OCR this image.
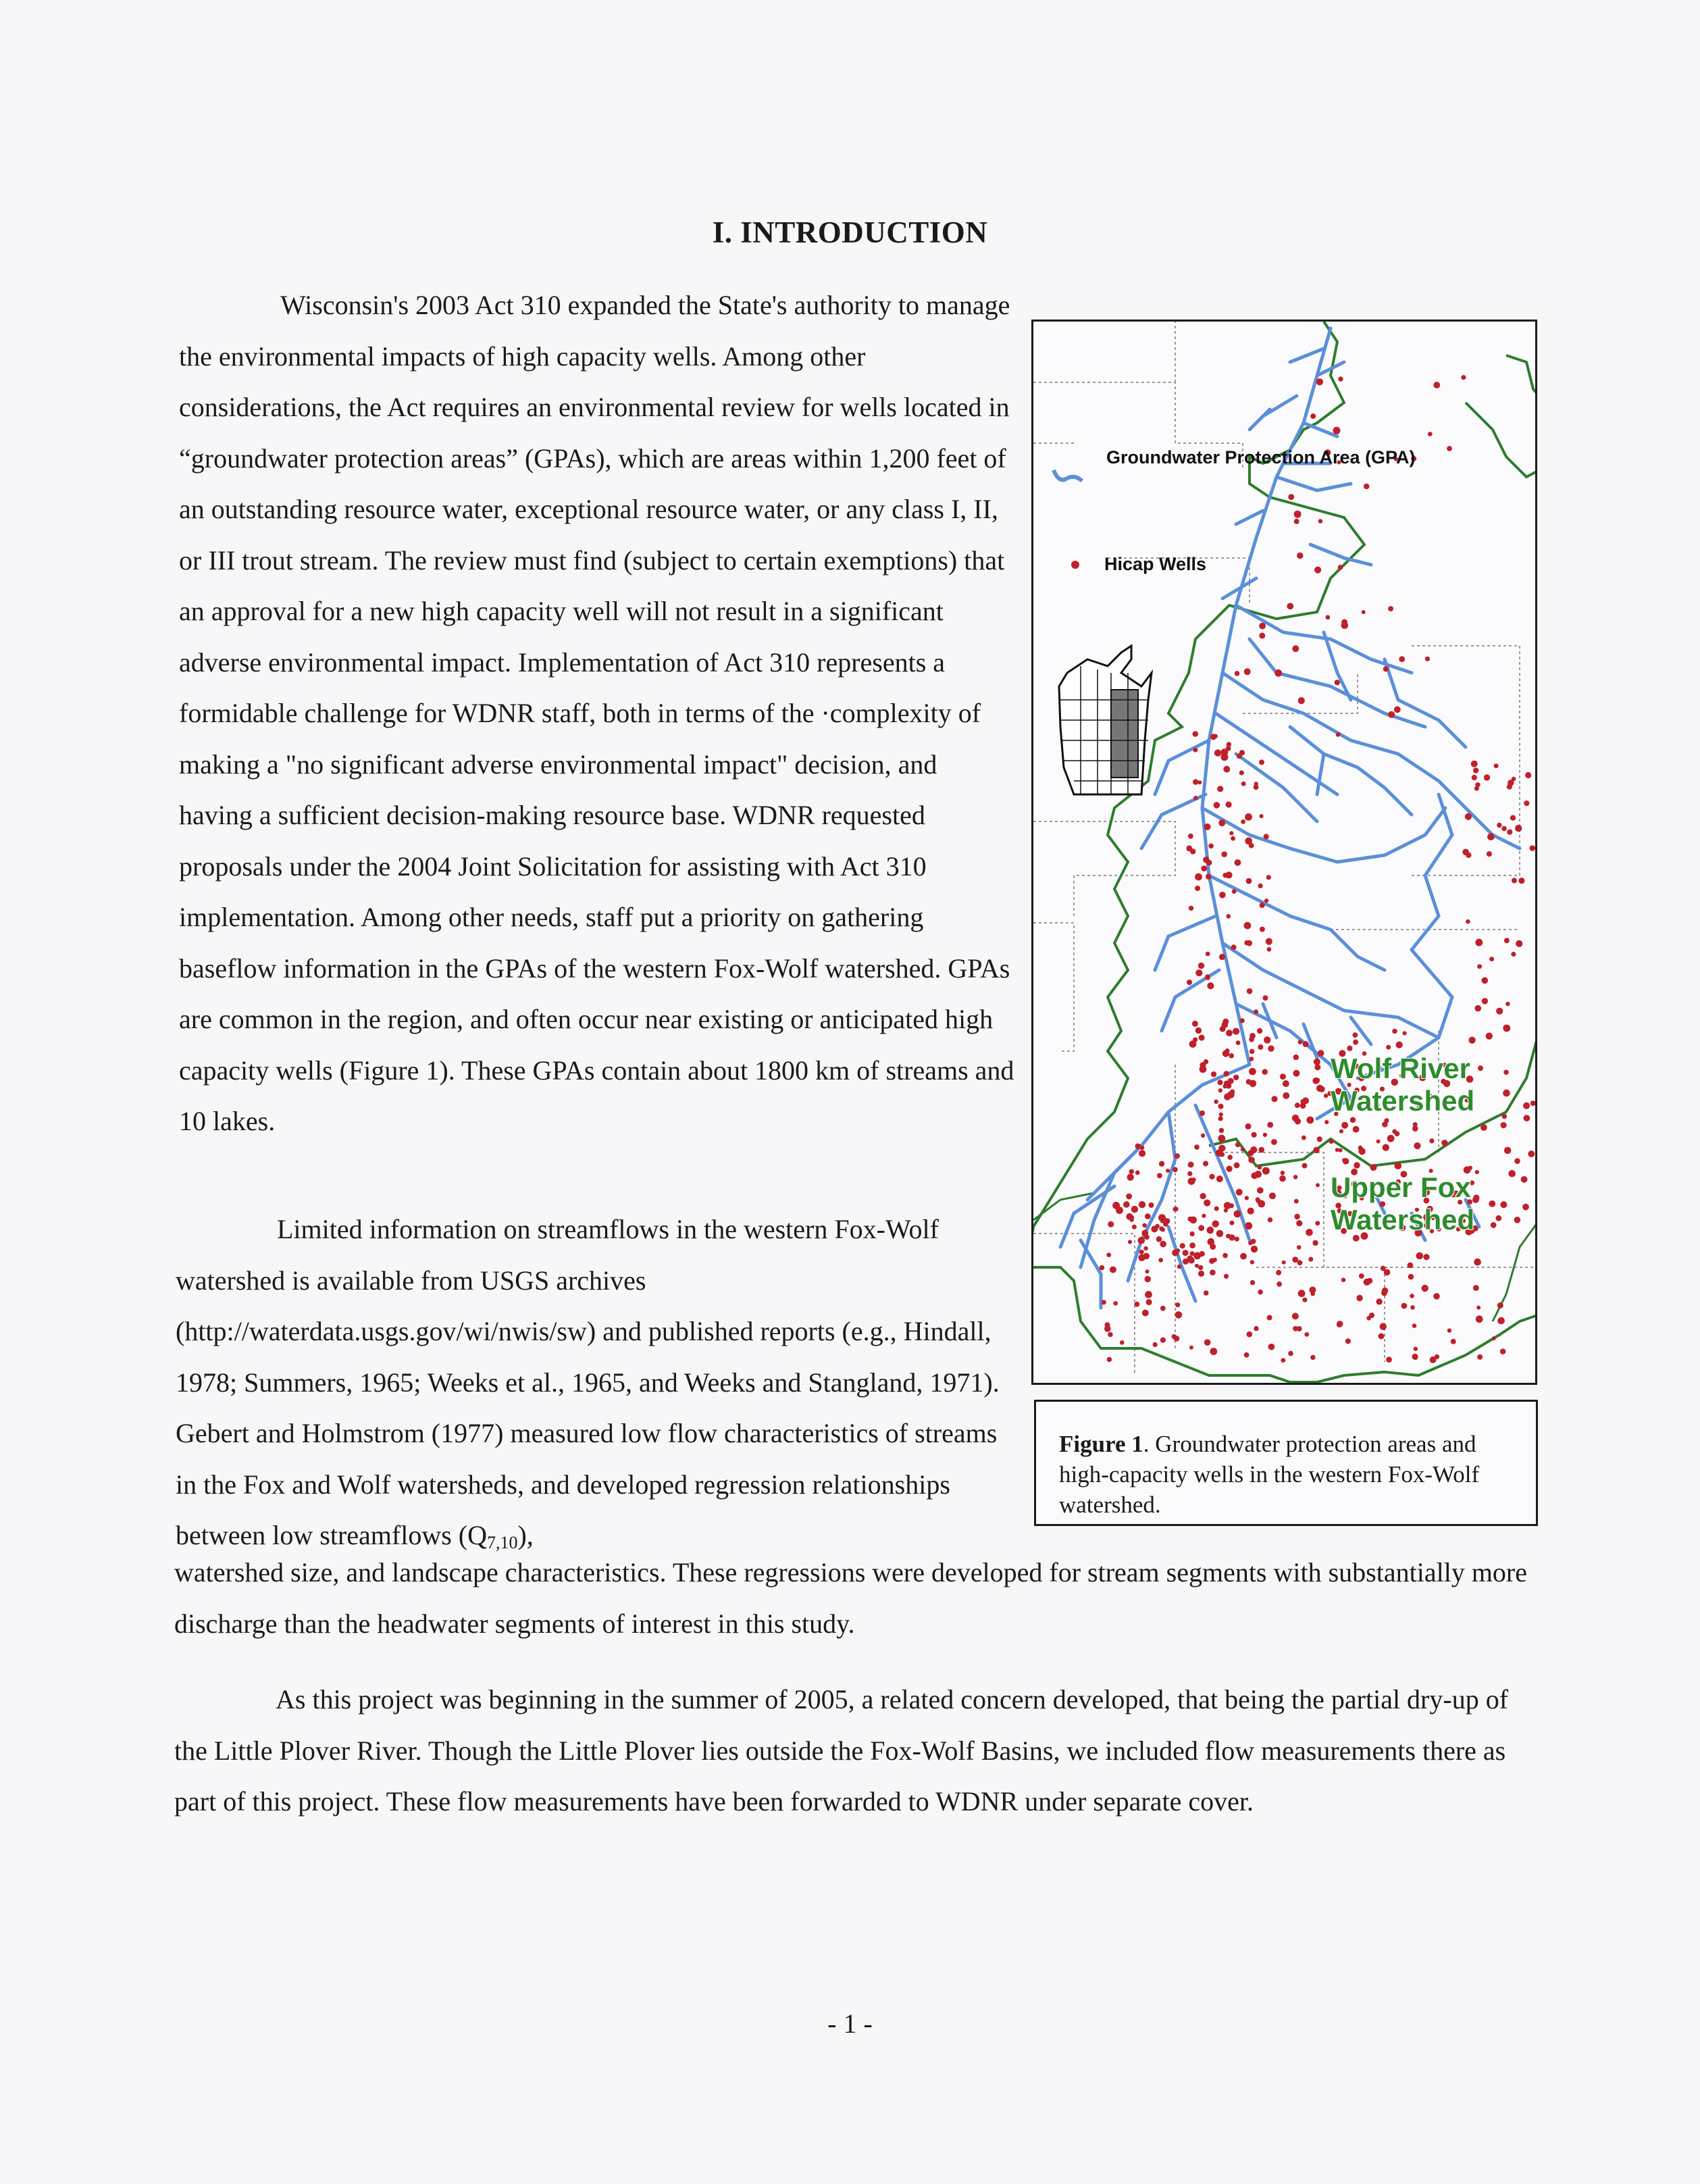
I. INTRODUCTION

Wisconsin's 2003 Act 310 expanded the State's authority to manage the environmental impacts of high capacity wells. Among other considerations, the Act requires an environmental review for wells located in “groundwater protection areas” (GPAs), which are areas within 1,200 feet of an outstanding resource water, exceptional resource water, or any class I, II, or III trout stream. The review must find (subject to certain exemptions) that an approval for a new high capacity well will not result in a significant adverse environmental impact. Implementation of Act 310 represents a formidable challenge for WDNR staff, both in terms of the ·complexity of making a "no significant adverse environmental impact" decision, and having a sufficient decision-making resource base. WDNR requested proposals under the 2004 Joint Solicitation for assisting with Act 310 implementation. Among other needs, staff put a priority on gathering baseflow information in the GPAs of the western Fox-Wolf watershed. GPAs are common in the region, and often occur near existing or anticipated high capacity wells (Figure 1). These GPAs contain about 1800 km of streams and 10 lakes.

Limited information on streamflows in the western Fox-Wolf watershed is available from USGS archives (http://waterdata.usgs.gov/wi/nwis/sw) and published reports (e.g., Hindall, 1978; Summers, 1965; Weeks et al., 1965, and Weeks and Stangland, 1971). Gebert and Holmstrom (1977) measured low flow characteristics of streams in the Fox and Wolf watersheds, and developed regression relationships between low streamflows $(Q_{7,10})$,

watershed size, and landscape characteristics. These regressions were developed for stream segments with substantially more discharge than the headwater segments of interest in this study.

As this project was beginning in the summer of 2005, a related concern developed, that being the partial dry-up of the Little Plover River. Though the Little Plover lies outside the Fox-Wolf Basins, we included flow measurements there as part of this project. These flow measurements have been forwarded to WDNR under separate cover.

Groundwater Protection Area (GPA)
Hicap Wells
Wolf River Watershed
Upper Fox Watershed
Figure 1. Groundwater protection areas and high-capacity wells in the western Fox-Wolf watershed.
- 1 -
